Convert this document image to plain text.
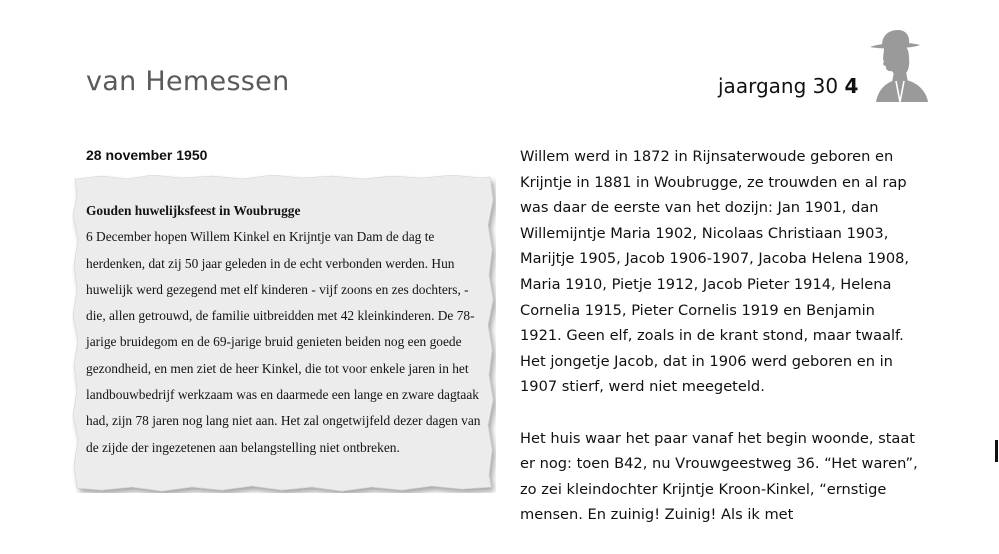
van Hemessen	jaargang 30 4
28 november 1950
Gouden huwelijksfeest in Woubrugge
6 December hopen Willem Kinkel en Krijntje van Dam de dag te herdenken, dat zij 50 jaar geleden in de echt verbonden werden. Hun huwelijk werd gezegend met elf kinderen - vijf zoons en zes dochters, - die, allen getrouwd, de familie uitbreidden met 42 kleinkinderen. De 78-jarige bruidegom en de 69-jarige bruid genieten beiden nog een goede gezondheid, en men ziet de heer Kinkel, die tot voor enkele jaren in het landbouwbedrijf werkzaam was en daarmede een lange en zware dagtaak had, zijn 78 jaren nog lang niet aan. Het zal ongetwijfeld dezer dagen van de zijde der ingezetenen aan belangstelling niet ontbreken.

Willem werd in 1872 in Rijnsaterwoude geboren en Krijntje in 1881 in Woubrugge, ze trouwden en al rap was daar de eerste van het dozijn: Jan 1901, dan Willemijntje Maria 1902, Nicolaas Christiaan 1903, Marijtje 1905, Jacob 1906-1907, Jacoba Helena 1908, Maria 1910, Pietje 1912, Jacob Pieter 1914, Helena Cornelia 1915, Pieter Cornelis 1919 en Benjamin 1921. Geen elf, zoals in de krant stond, maar twaalf. Het jongetje Jacob, dat in 1906 werd geboren en in 1907 stierf, werd niet meegeteld.

Het huis waar het paar vanaf het begin woonde, staat er nog: toen B42, nu Vrouwgeestweg 36. “Het waren”, zo zei kleindochter Krijntje Kroon-Kinkel, “ernstige mensen. En zuinig! Zuinig! Als ik met
